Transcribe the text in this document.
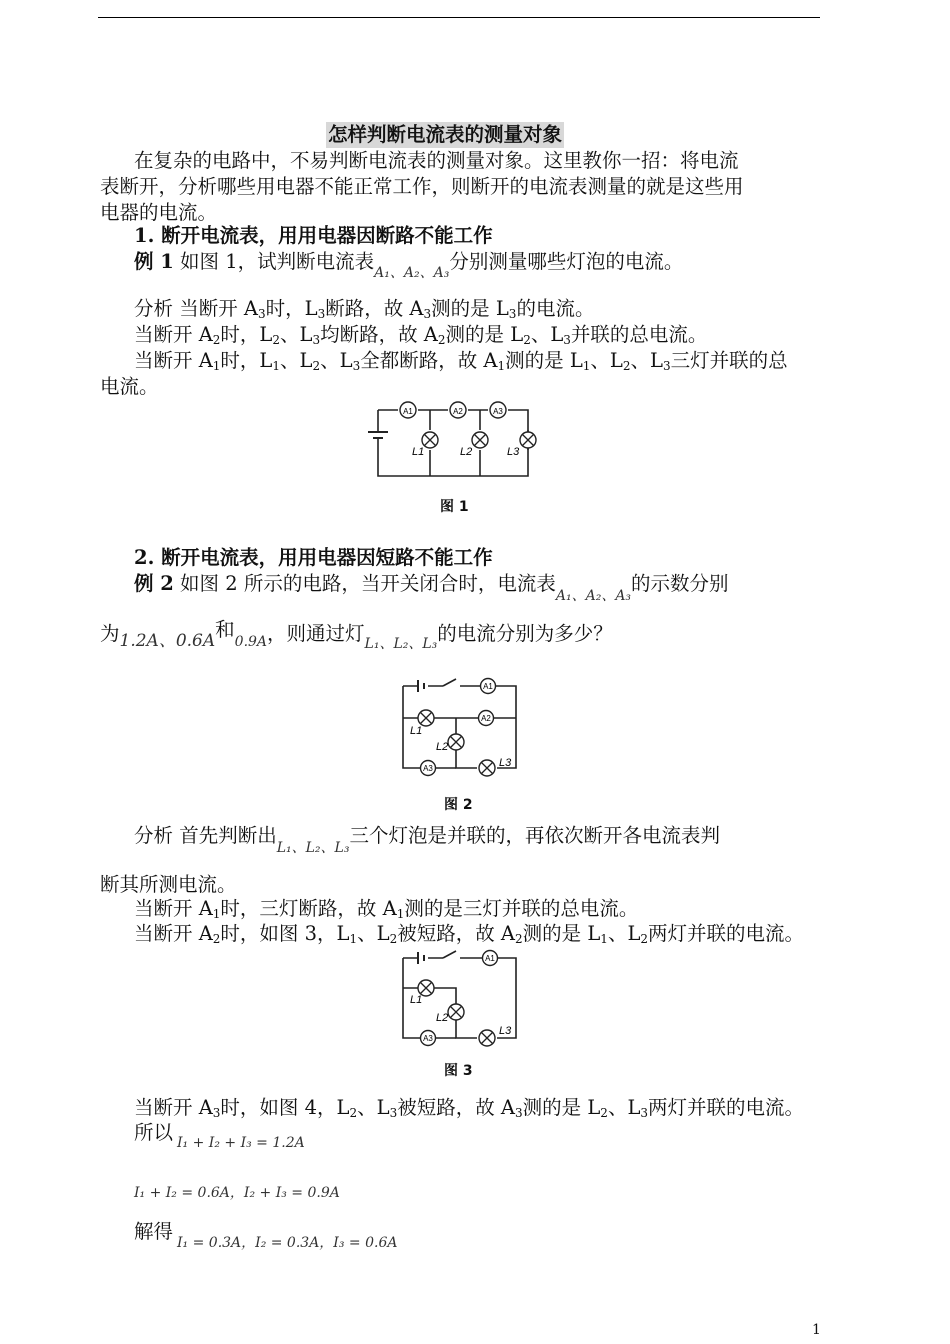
怎样判断电流表的测量对象
在复杂的电路中，不易判断电流表的测量对象。这里教你一招：将电流
表断开，分析哪些用电器不能正常工作，则断开的电流表测量的就是这些用
电器的电流。
1. 断开电流表，用用电器因断路不能工作
例 1 如图 1，试判断电流表$_{A_1、A_2、A_3}$分别测量哪些灯泡的电流。
分析 当断开 $A_3$时，$L_3$断路，故 $A_3$测的是 $L_3$的电流。
当断开 $A_2$时，$L_2$、$L_3$均断路，故 $A_2$测的是 $L_2$、$L_3$并联的总电流。
当断开 $A_1$时，$L_1$、$L_2$、$L_3$全都断路，故 $A_1$测的是 $L_1$、$L_2$、$L_3$三灯并联的总
电流。
A1	A2	A3
L1	L2	L3
图 1
2. 断开电流表，用用电器因短路不能工作
例 2 如图 2 所示的电路，当开关闭合时，电流表$_{A_1、A_2、A_3}$的示数分别
为1.2A、0.6A和$_{0.9A}$，则通过灯$_{L_1、L_2、L_3}$的电流分别为多少？
A1
A2
A3
L1
L2
L3
图 2
分析 首先判断出$_{L_1、L_2、L_3}$三个灯泡是并联的，再依次断开各电流表判
断其所测电流。
当断开 $A_1$时，三灯断路，故 $A_1$测的是三灯并联的总电流。
当断开 $A_2$时，如图 3，$L_1$、$L_2$被短路，故 $A_2$测的是 $L_1$、$L_2$两灯并联的电流。
A1
A3
L1
L2
L3
图 3
当断开 $A_3$时，如图 4，$L_2$、$L_3$被短路，故 $A_3$测的是 $L_2$、$L_3$两灯并联的电流。
所以 $_{I_1 + I_2 + I_3 = 1.2A}$
I₁ + I₂ = 0.6A，I₂ + I₃ = 0.9A
解得 $_{I_1 = 0.3A,I_2 = 0.3A,I_3 = 0.6A}$
1
